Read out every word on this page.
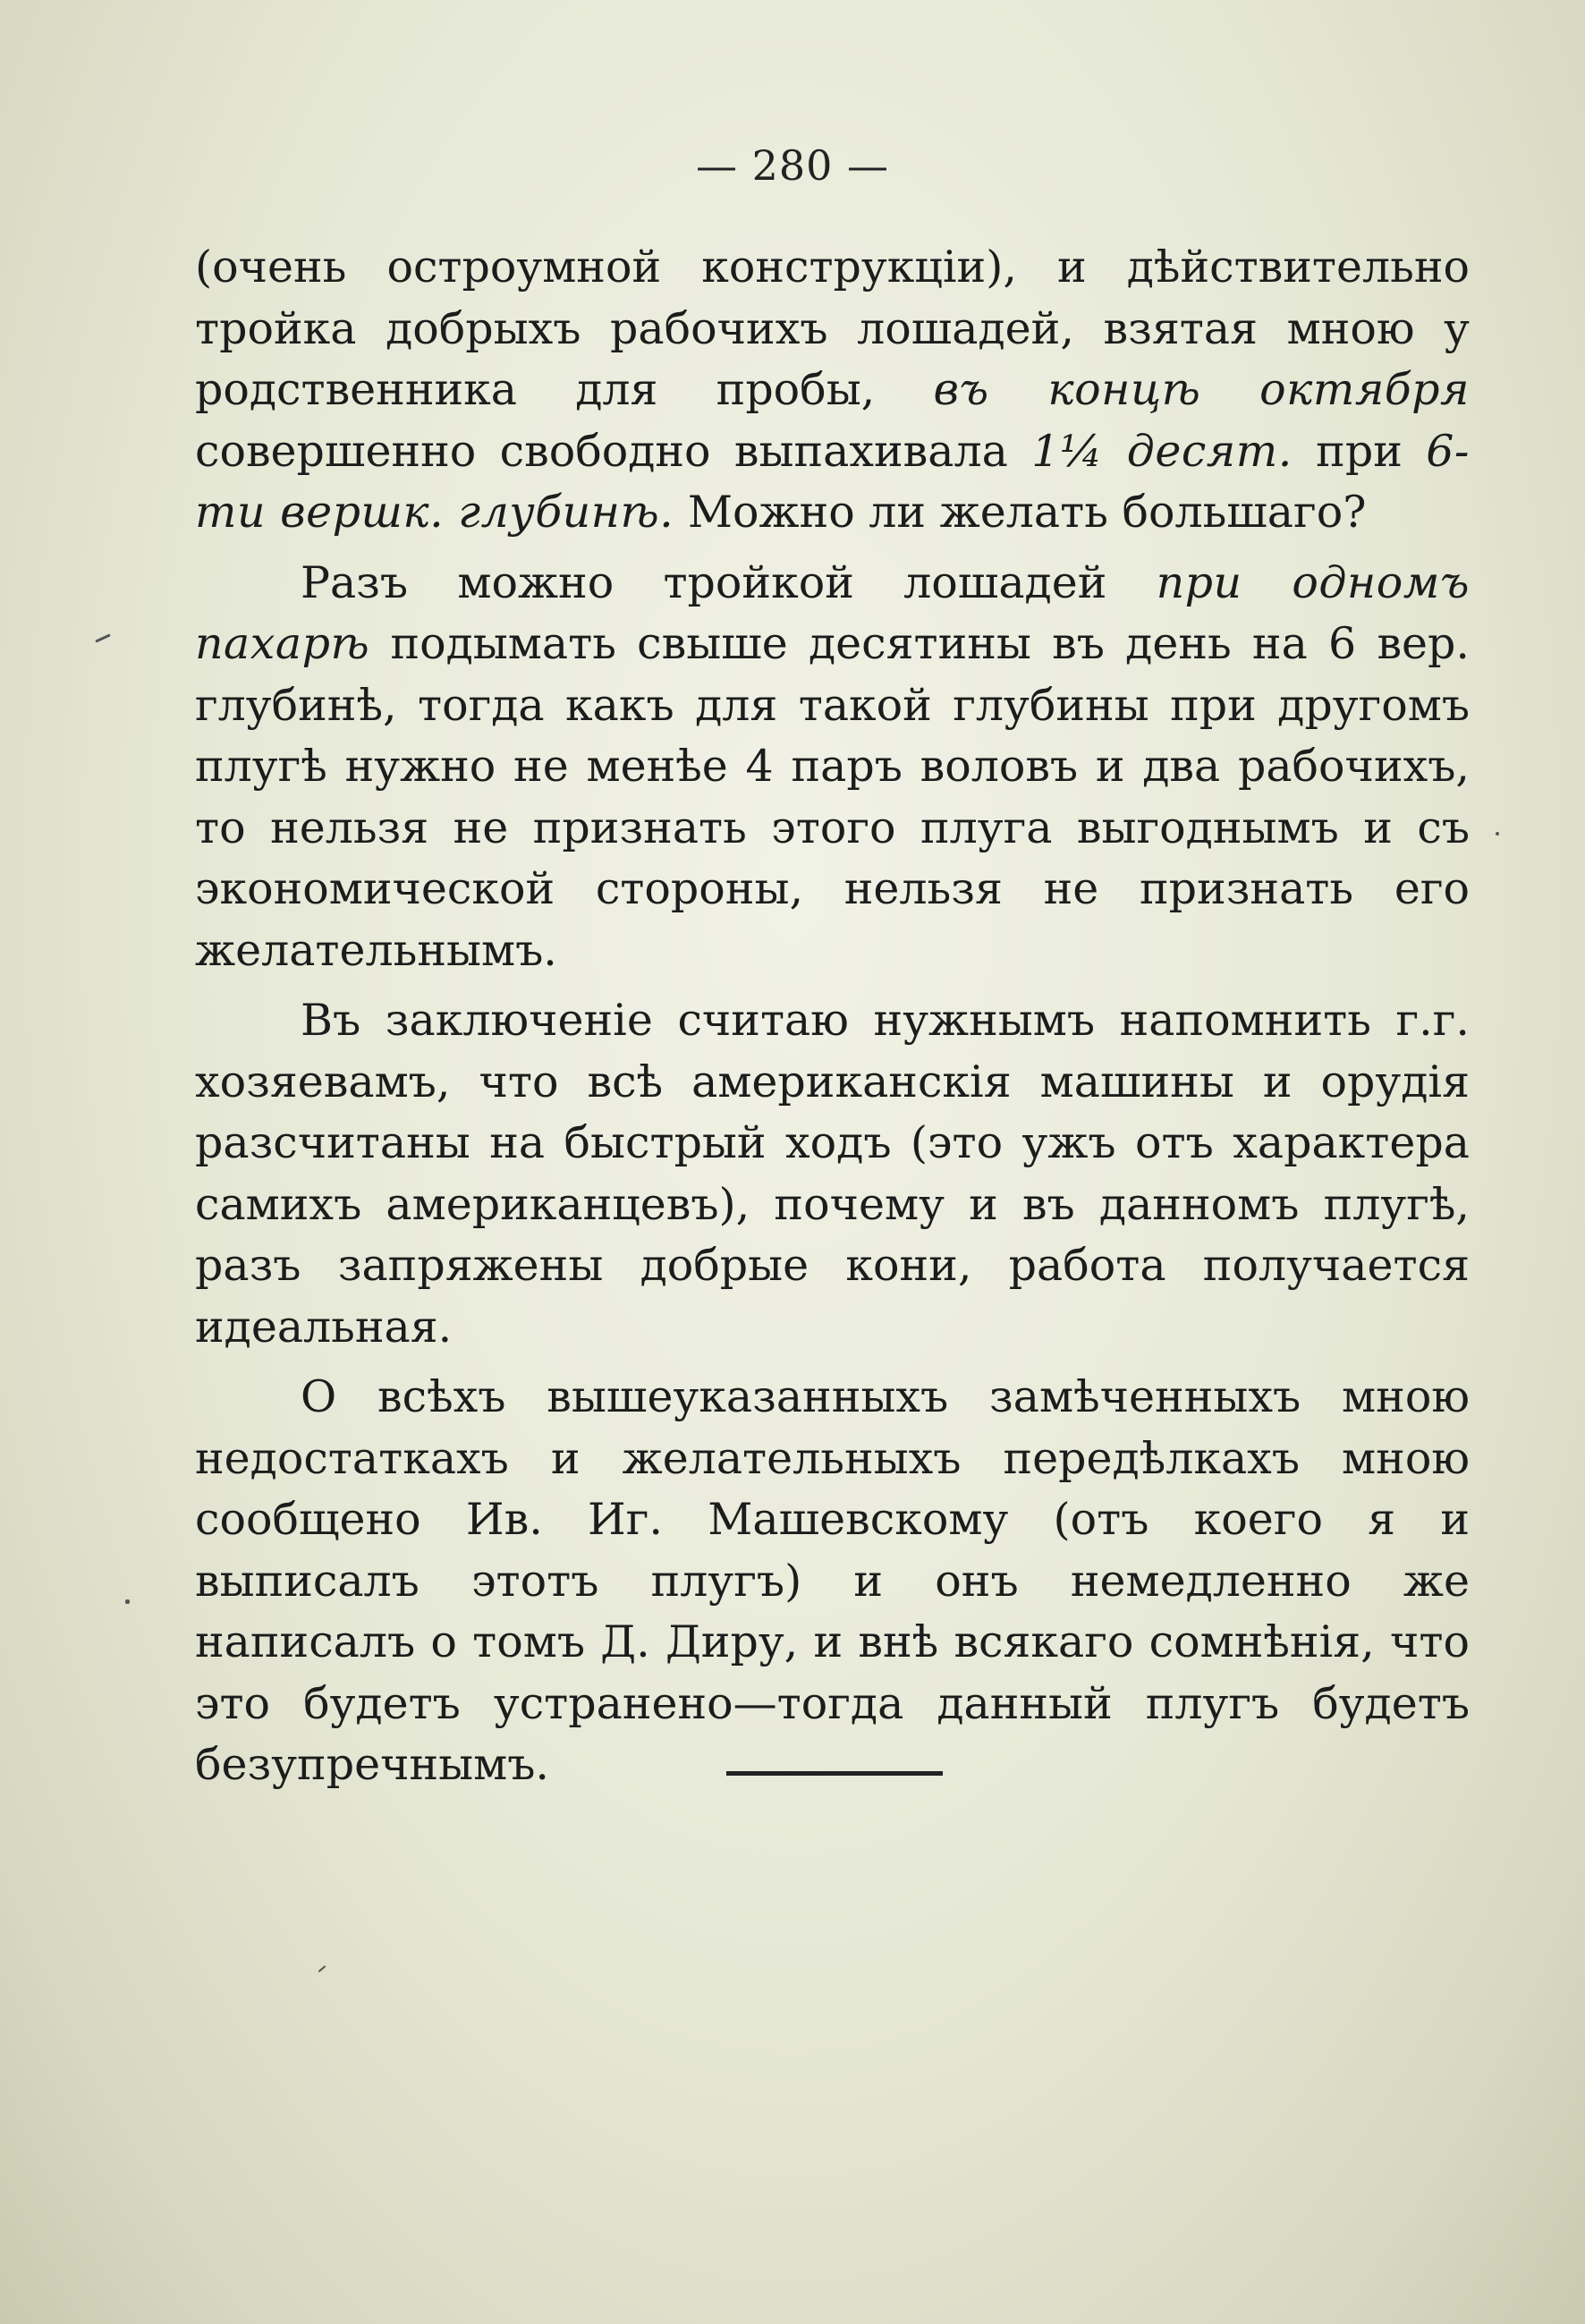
— 280 —

(очень остроумной конструкціи), и дѣйствительно тройка добрыхъ рабочихъ лошадей, взятая мною у родственника для пробы, въ концѣ октября совершенно свободно выпахивала 1¼ десят. при 6-ти вершк. глубинѣ. Можно ли желать большаго?

Разъ можно тройкой лошадей при одномъ пахарѣ подымать свыше десятины въ день на 6 вер. глубинѣ, тогда какъ для такой глубины при другомъ плугѣ нужно не менѣе 4 паръ воловъ и два рабочихъ, то нельзя не признать этого плуга выгоднымъ и съ экономической стороны, нельзя не признать его желательнымъ.

Въ заключеніе считаю нужнымъ напомнить г.г. хозяевамъ, что всѣ американскія машины и орудія разсчитаны на быстрый ходъ (это ужъ отъ характера самихъ американцевъ), почему и въ данномъ плугѣ, разъ запряжены добрые кони, работа получается идеальная.

О всѣхъ вышеуказанныхъ замѣченныхъ мною недостаткахъ и желательныхъ передѣлкахъ мною сообщено Ив. Иг. Машевскому (отъ коего я и выписалъ этотъ плугъ) и онъ немедленно же написалъ о томъ Д. Диру, и внѣ всякаго сомнѣнія, что это будетъ устранено—тогда данный плугъ будетъ безупречнымъ.
